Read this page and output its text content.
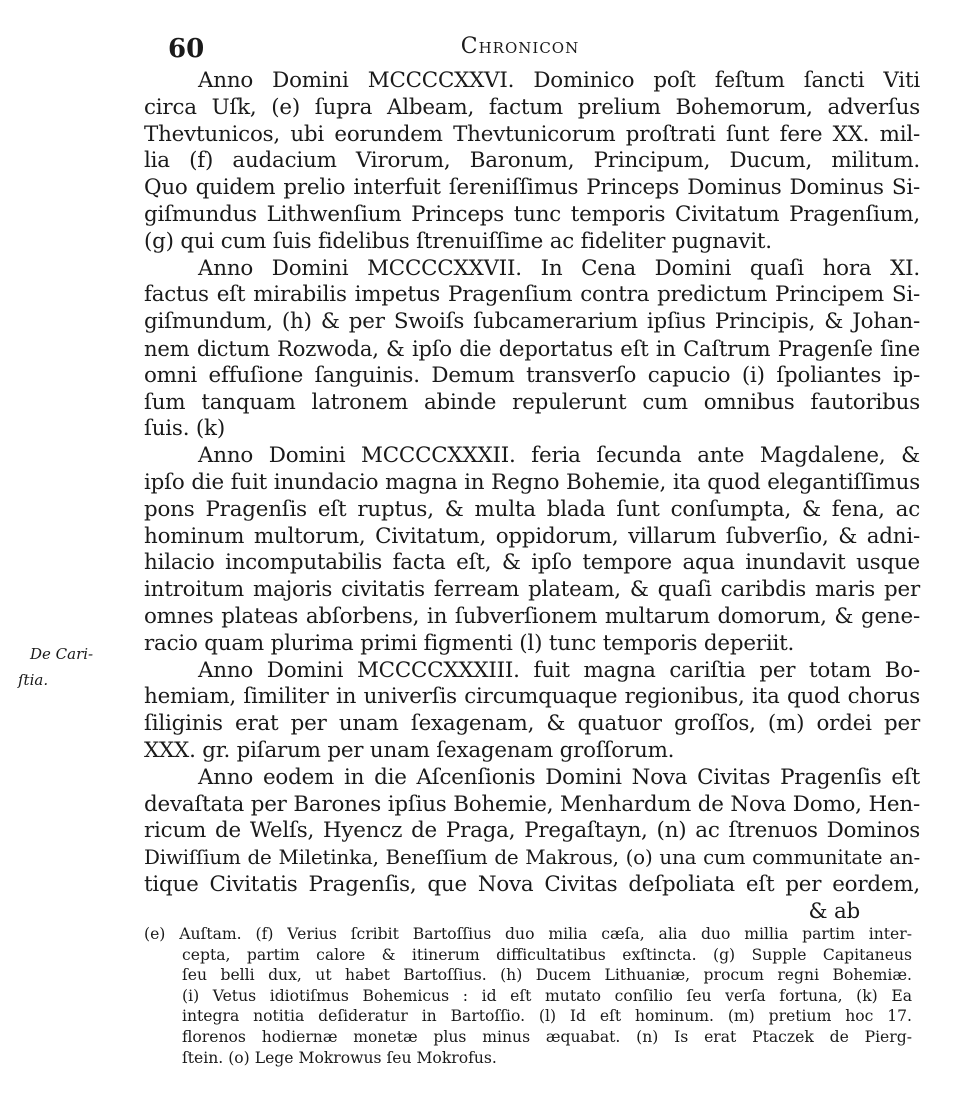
60	Chronicon
De Cari-
ſtia.
Anno Domini MCCCCXXVI. Dominico poſt feſtum ſancti Viti
circa Uſk, (e) ſupra Albeam, factum prelium Bohemorum, adverſus
Thevtunicos, ubi eorundem Thevtunicorum proſtrati ſunt fere XX. mil-
lia (f) audacium Virorum, Baronum, Principum, Ducum, militum.
Quo quidem prelio interfuit ſereniſſimus Princeps Dominus Dominus Si-
giſmundus Lithwenſium Princeps tunc temporis Civitatum Pragenſium,
(g) qui cum ſuis fidelibus ſtrenuiſſime ac fideliter pugnavit.
Anno Domini MCCCCXXVII. In Cena Domini quaſi hora XI.
factus eſt mirabilis impetus Pragenſium contra predictum Principem Si-
giſmundum, (h) & per Swoiſs ſubcamerarium ipſius Principis, & Johan-
nem dictum Rozwoda, & ipſo die deportatus eſt in Caſtrum Pragenſe ſine
omni effuſione ſanguinis. Demum transverſo capucio (i) ſpoliantes ip-
ſum tanquam latronem abinde repulerunt cum omnibus fautoribus
ſuis. (k)
Anno Domini MCCCCXXXII. feria ſecunda ante Magdalene, &
ipſo die fuit inundacio magna in Regno Bohemie, ita quod elegantiſſimus
pons Pragenſis eſt ruptus, & multa blada ſunt conſumpta, & fena, ac
hominum multorum, Civitatum, oppidorum, villarum ſubverſio, & adni-
hilacio incomputabilis facta eſt, & ipſo tempore aqua inundavit usque
introitum majoris civitatis ferream plateam, & quaſi caribdis maris per
omnes plateas abſorbens, in ſubverſionem multarum domorum, & gene-
racio quam plurima primi figmenti (l) tunc temporis deperiit.
Anno Domini MCCCCXXXIII. fuit magna cariſtia per totam Bo-
hemiam, ſimiliter in univerſis circumquaque regionibus, ita quod chorus
ſiliginis erat per unam ſexagenam, & quatuor groſſos, (m) ordei per
XXX. gr. piſarum per unam ſexagenam groſſorum.
Anno eodem in die Aſcenſionis Domini Nova Civitas Pragenſis eſt
devaſtata per Barones ipſius Bohemie, Menhardum de Nova Domo, Hen-
ricum de Welſs, Hyencz de Praga, Pregaſtayn, (n) ac ſtrenuos Dominos
Diwiſſium de Miletinka, Beneſſium de Makrous, (o) una cum communitate an-
tique Civitatis Pragenſis, que Nova Civitas deſpoliata eſt per eordem,
& ab
(e) Auſtam. (f) Verius ſcribit Bartoſſius duo milia cæſa, alia duo millia partim inter-
cepta, partim calore & itinerum difficultatibus exſtincta. (g) Supple Capitaneus
ſeu belli dux, ut habet Bartoſſius. (h) Ducem Lithuaniæ, procum regni Bohemiæ.
(i) Vetus idiotiſmus Bohemicus : id eſt mutato conſilio ſeu verſa fortuna, (k) Ea
integra notitia deſideratur in Bartoſſio. (l) Id eſt hominum. (m) pretium hoc 17.
florenos hodiernæ monetæ plus minus æquabat. (n) Is erat Ptaczek de Pierg-
ſtein. (o) Lege Mokrowus ſeu Mokrofus.
